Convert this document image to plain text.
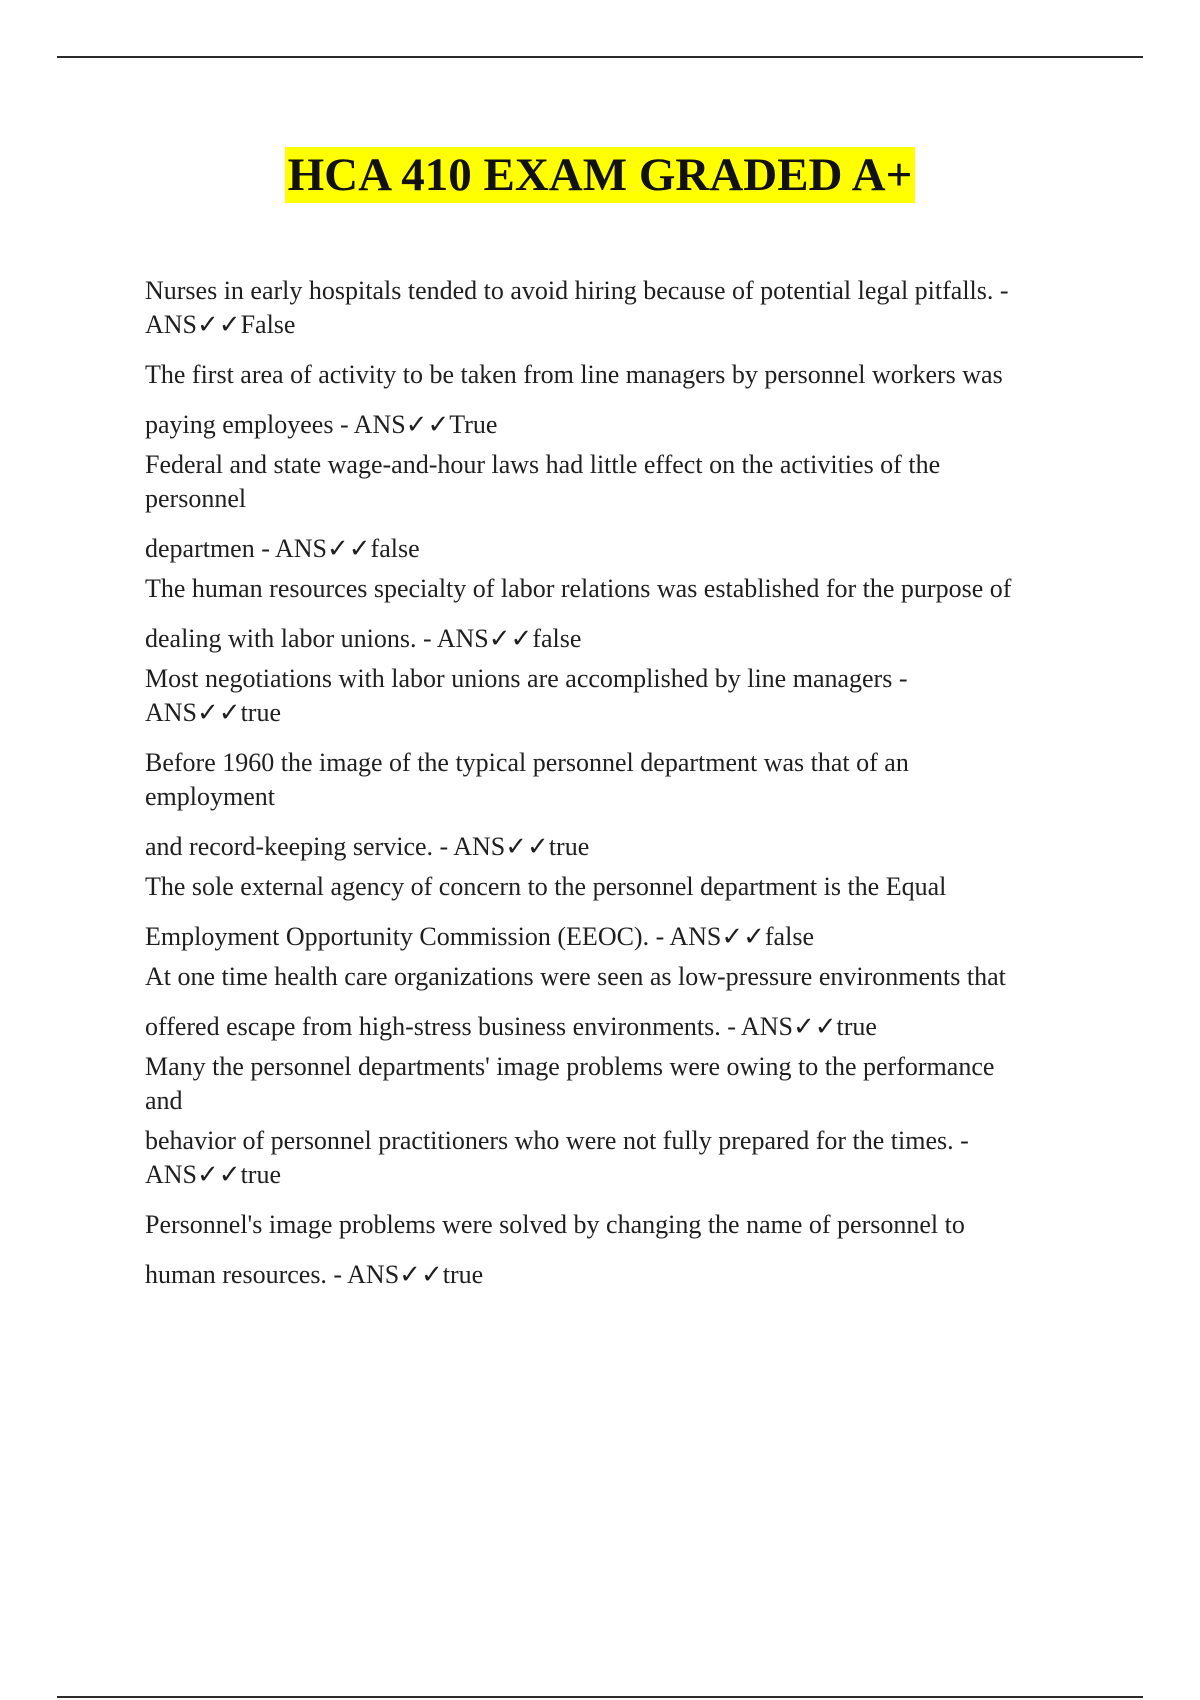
HCA 410 EXAM GRADED A+

Nurses in early hospitals tended to avoid hiring because of potential legal pitfalls. -

ANS✓✓False

The first area of activity to be taken from line managers by personnel workers was

paying employees - ANS✓✓True

Federal and state wage-and-hour laws had little effect on the activities of the

personnel

departmen - ANS✓✓false

The human resources specialty of labor relations was established for the purpose of

dealing with labor unions. - ANS✓✓false

Most negotiations with labor unions are accomplished by line managers -

ANS✓✓true

Before 1960 the image of the typical personnel department was that of an

employment

and record-keeping service. - ANS✓✓true

The sole external agency of concern to the personnel department is the Equal

Employment Opportunity Commission (EEOC). - ANS✓✓false

At one time health care organizations were seen as low-pressure environments that

offered escape from high-stress business environments. - ANS✓✓true

Many the personnel departments' image problems were owing to the performance

and

behavior of personnel practitioners who were not fully prepared for the times. -

ANS✓✓true

Personnel's image problems were solved by changing the name of personnel to

human resources. - ANS✓✓true
